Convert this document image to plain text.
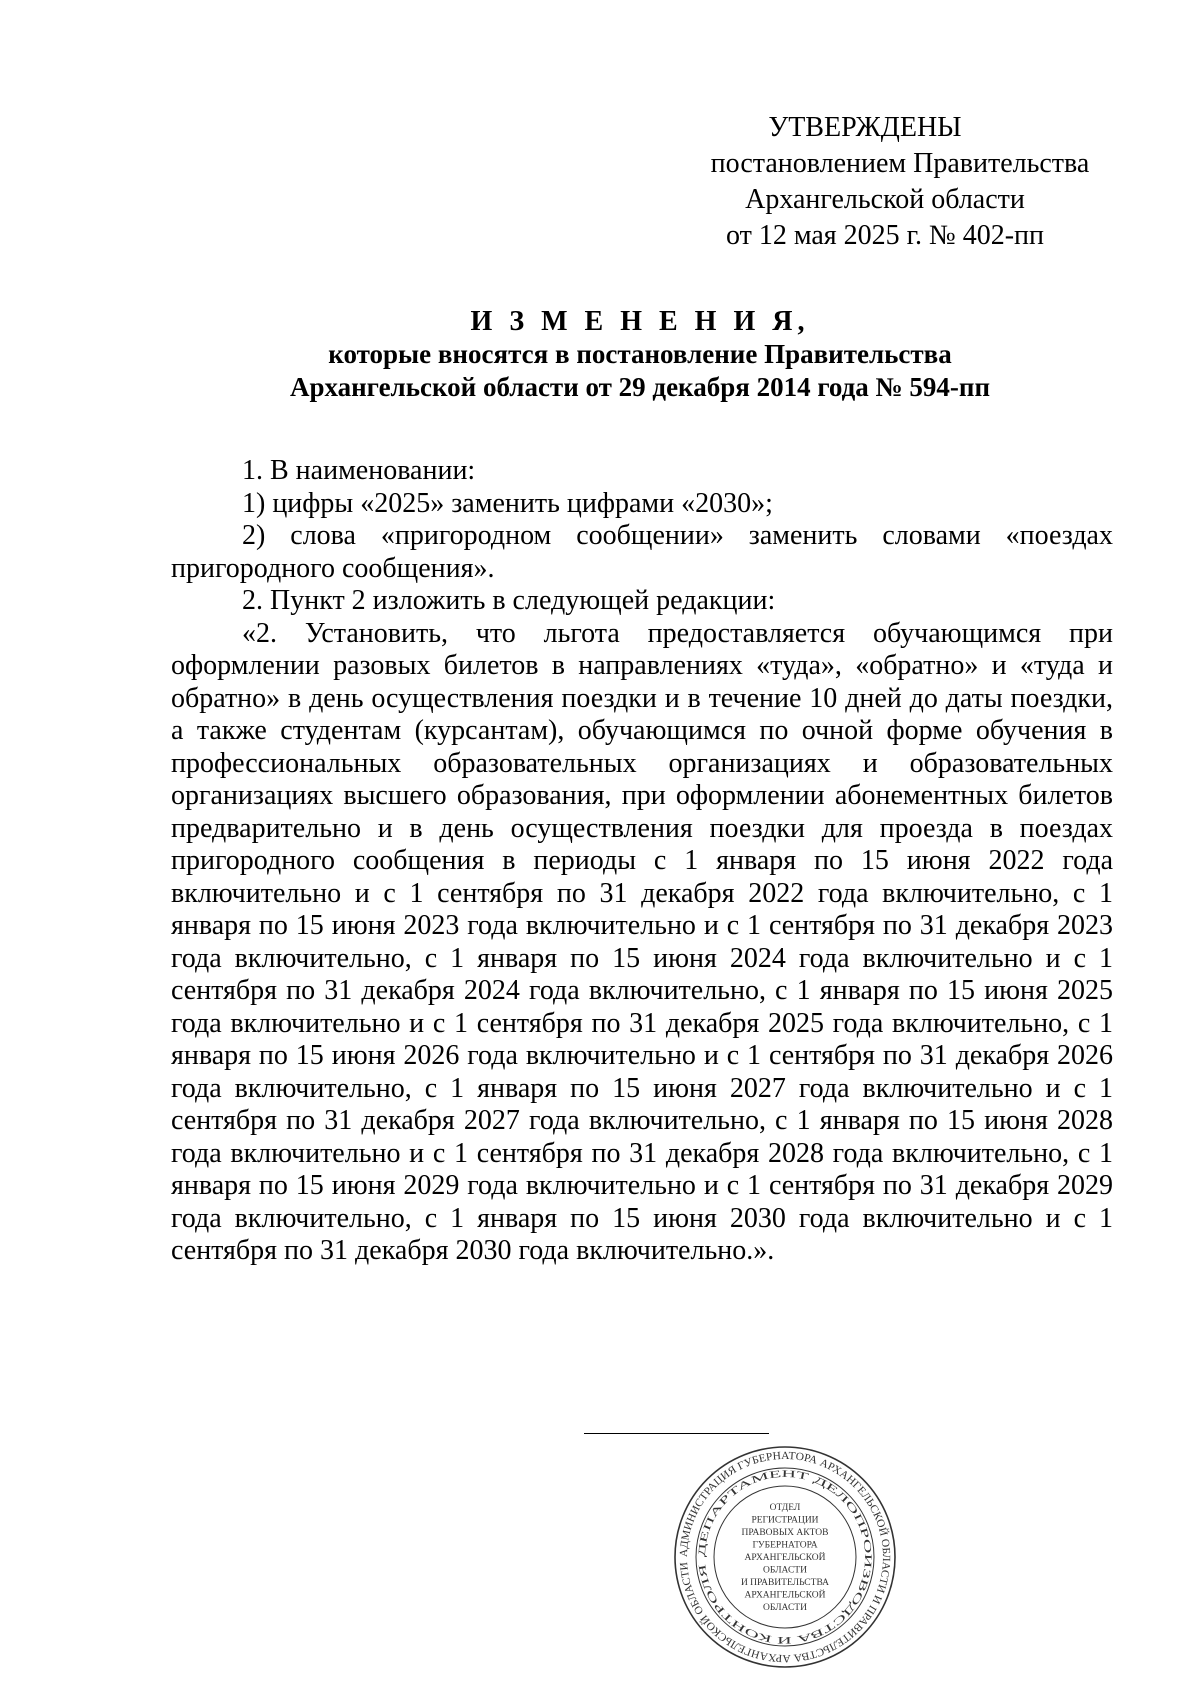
УТВЕРЖДЕНЫ
постановлением Правительства
Архангельской области
от 12 мая 2025 г. № 402-пп
И З М Е Н Е Н И Я,
которые вносятся в постановление Правительства
Архангельской области от 29 декабря 2014 года № 594-пп

1. В наименовании:

1) цифры «2025» заменить цифрами «2030»;

2) слова «пригородном сообщении» заменить словами «поездах пригородного сообщения».

2. Пункт 2 изложить в следующей редакции:

«2. Установить, что льгота предоставляется обучающимся при оформлении разовых билетов в направлениях «туда», «обратно» и «туда и обратно» в день осуществления поездки и в течение 10 дней до даты поездки, а также студентам (курсантам), обучающимся по очной форме обучения в профессиональных образовательных организациях и образовательных организациях высшего образования, при оформлении абонементных билетов предварительно и в день осуществления поездки для проезда в поездах пригородного сообщения в периоды с 1 января по 15 июня 2022 года включительно и с 1 сентября по 31 декабря 2022 года включительно, с 1 января по 15 июня 2023 года включительно и с 1 сентября по 31 декабря 2023 года включительно, с 1 января по 15 июня 2024 года включительно и с 1 сентября по 31 декабря 2024 года включительно, с 1 января по 15 июня 2025 года включительно и с 1 сентября по 31 декабря 2025 года включительно, с 1 января по 15 июня 2026 года включительно и с 1 сентября по 31 декабря 2026 года включительно, с 1 января по 15 июня 2027 года включительно и с 1 сентября по 31 декабря 2027 года включительно, с 1 января по 15 июня 2028 года включительно и с 1 сентября по 31 декабря 2028 года включительно, с 1 января по 15 июня 2029 года включительно и с 1 сентября по 31 декабря 2029 года включительно, с 1 января по 15 июня 2030 года включительно и с 1 сентября по 31 декабря 2030 года включительно.».

АДМИНИСТРАЦИЯ ГУБЕРНАТОРА АРХАНГЕЛЬСКОЙ ОБЛАСТИ И ПРАВИТЕЛЬСТВА АРХАНГЕЛЬСКОЙ ОБЛАСТИ
ДЕПАРТАМЕНТ ДЕЛОПРОИЗВОДСТВА И КОНТРОЛЯ
ОТДЕЛ
РЕГИСТРАЦИИ
ПРАВОВЫХ АКТОВ
ГУБЕРНАТОРА
АРХАНГЕЛЬСКОЙ
ОБЛАСТИ
И ПРАВИТЕЛЬСТВА
АРХАНГЕЛЬСКОЙ
ОБЛАСТИ
